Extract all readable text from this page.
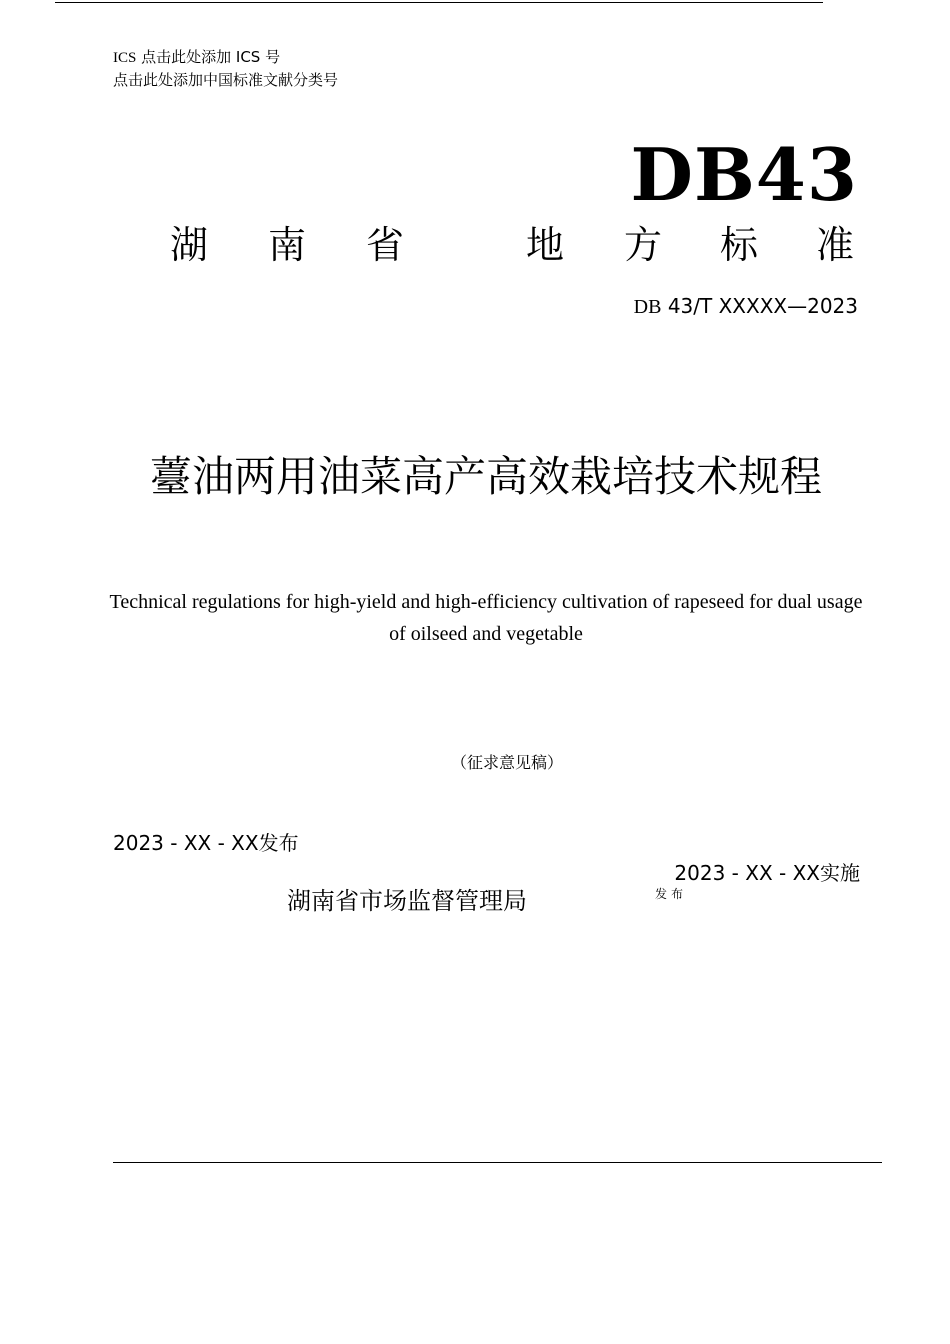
ICS 点击此处添加 ICS 号
点击此处添加中国标准文献分类号
DB43
湖 南 省	地 方 标 准
DB 43/T XXXXX—2023
薹油两用油菜高产高效栽培技术规程
Technical regulations for high-yield and high-efficiency cultivation of rapeseed for dual usage of oilseed and vegetable
（征求意见稿）
2023 - XX - XX发布
2023 - XX - XX实施
湖南省市场监督管理局	发布
